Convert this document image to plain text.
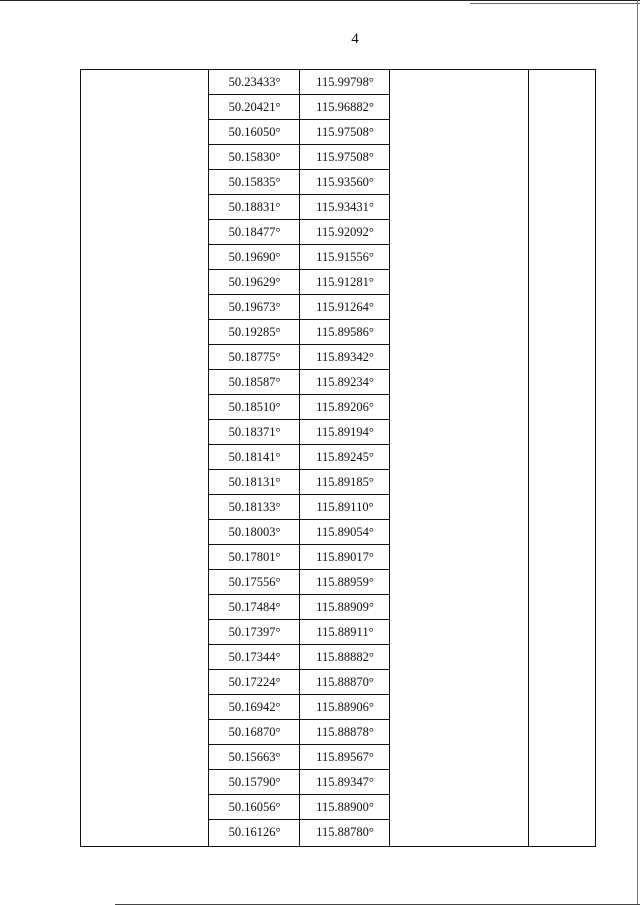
4
50.23433°	115.99798°
50.20421°	115.96882°
50.16050°	115.97508°
50.15830°	115.97508°
50.15835°	115.93560°
50.18831°	115.93431°
50.18477°	115.92092°
50.19690°	115.91556°
50.19629°	115.91281°
50.19673°	115.91264°
50.19285°	115.89586°
50.18775°	115.89342°
50.18587°	115.89234°
50.18510°	115.89206°
50.18371°	115.89194°
50.18141°	115.89245°
50.18131°	115.89185°
50.18133°	115.89110°
50.18003°	115.89054°
50.17801°	115.89017°
50.17556°	115.88959°
50.17484°	115.88909°
50.17397°	115.88911°
50.17344°	115.88882°
50.17224°	115.88870°
50.16942°	115.88906°
50.16870°	115.88878°
50.15663°	115.89567°
50.15790°	115.89347°
50.16056°	115.88900°
50.16126°	115.88780°
